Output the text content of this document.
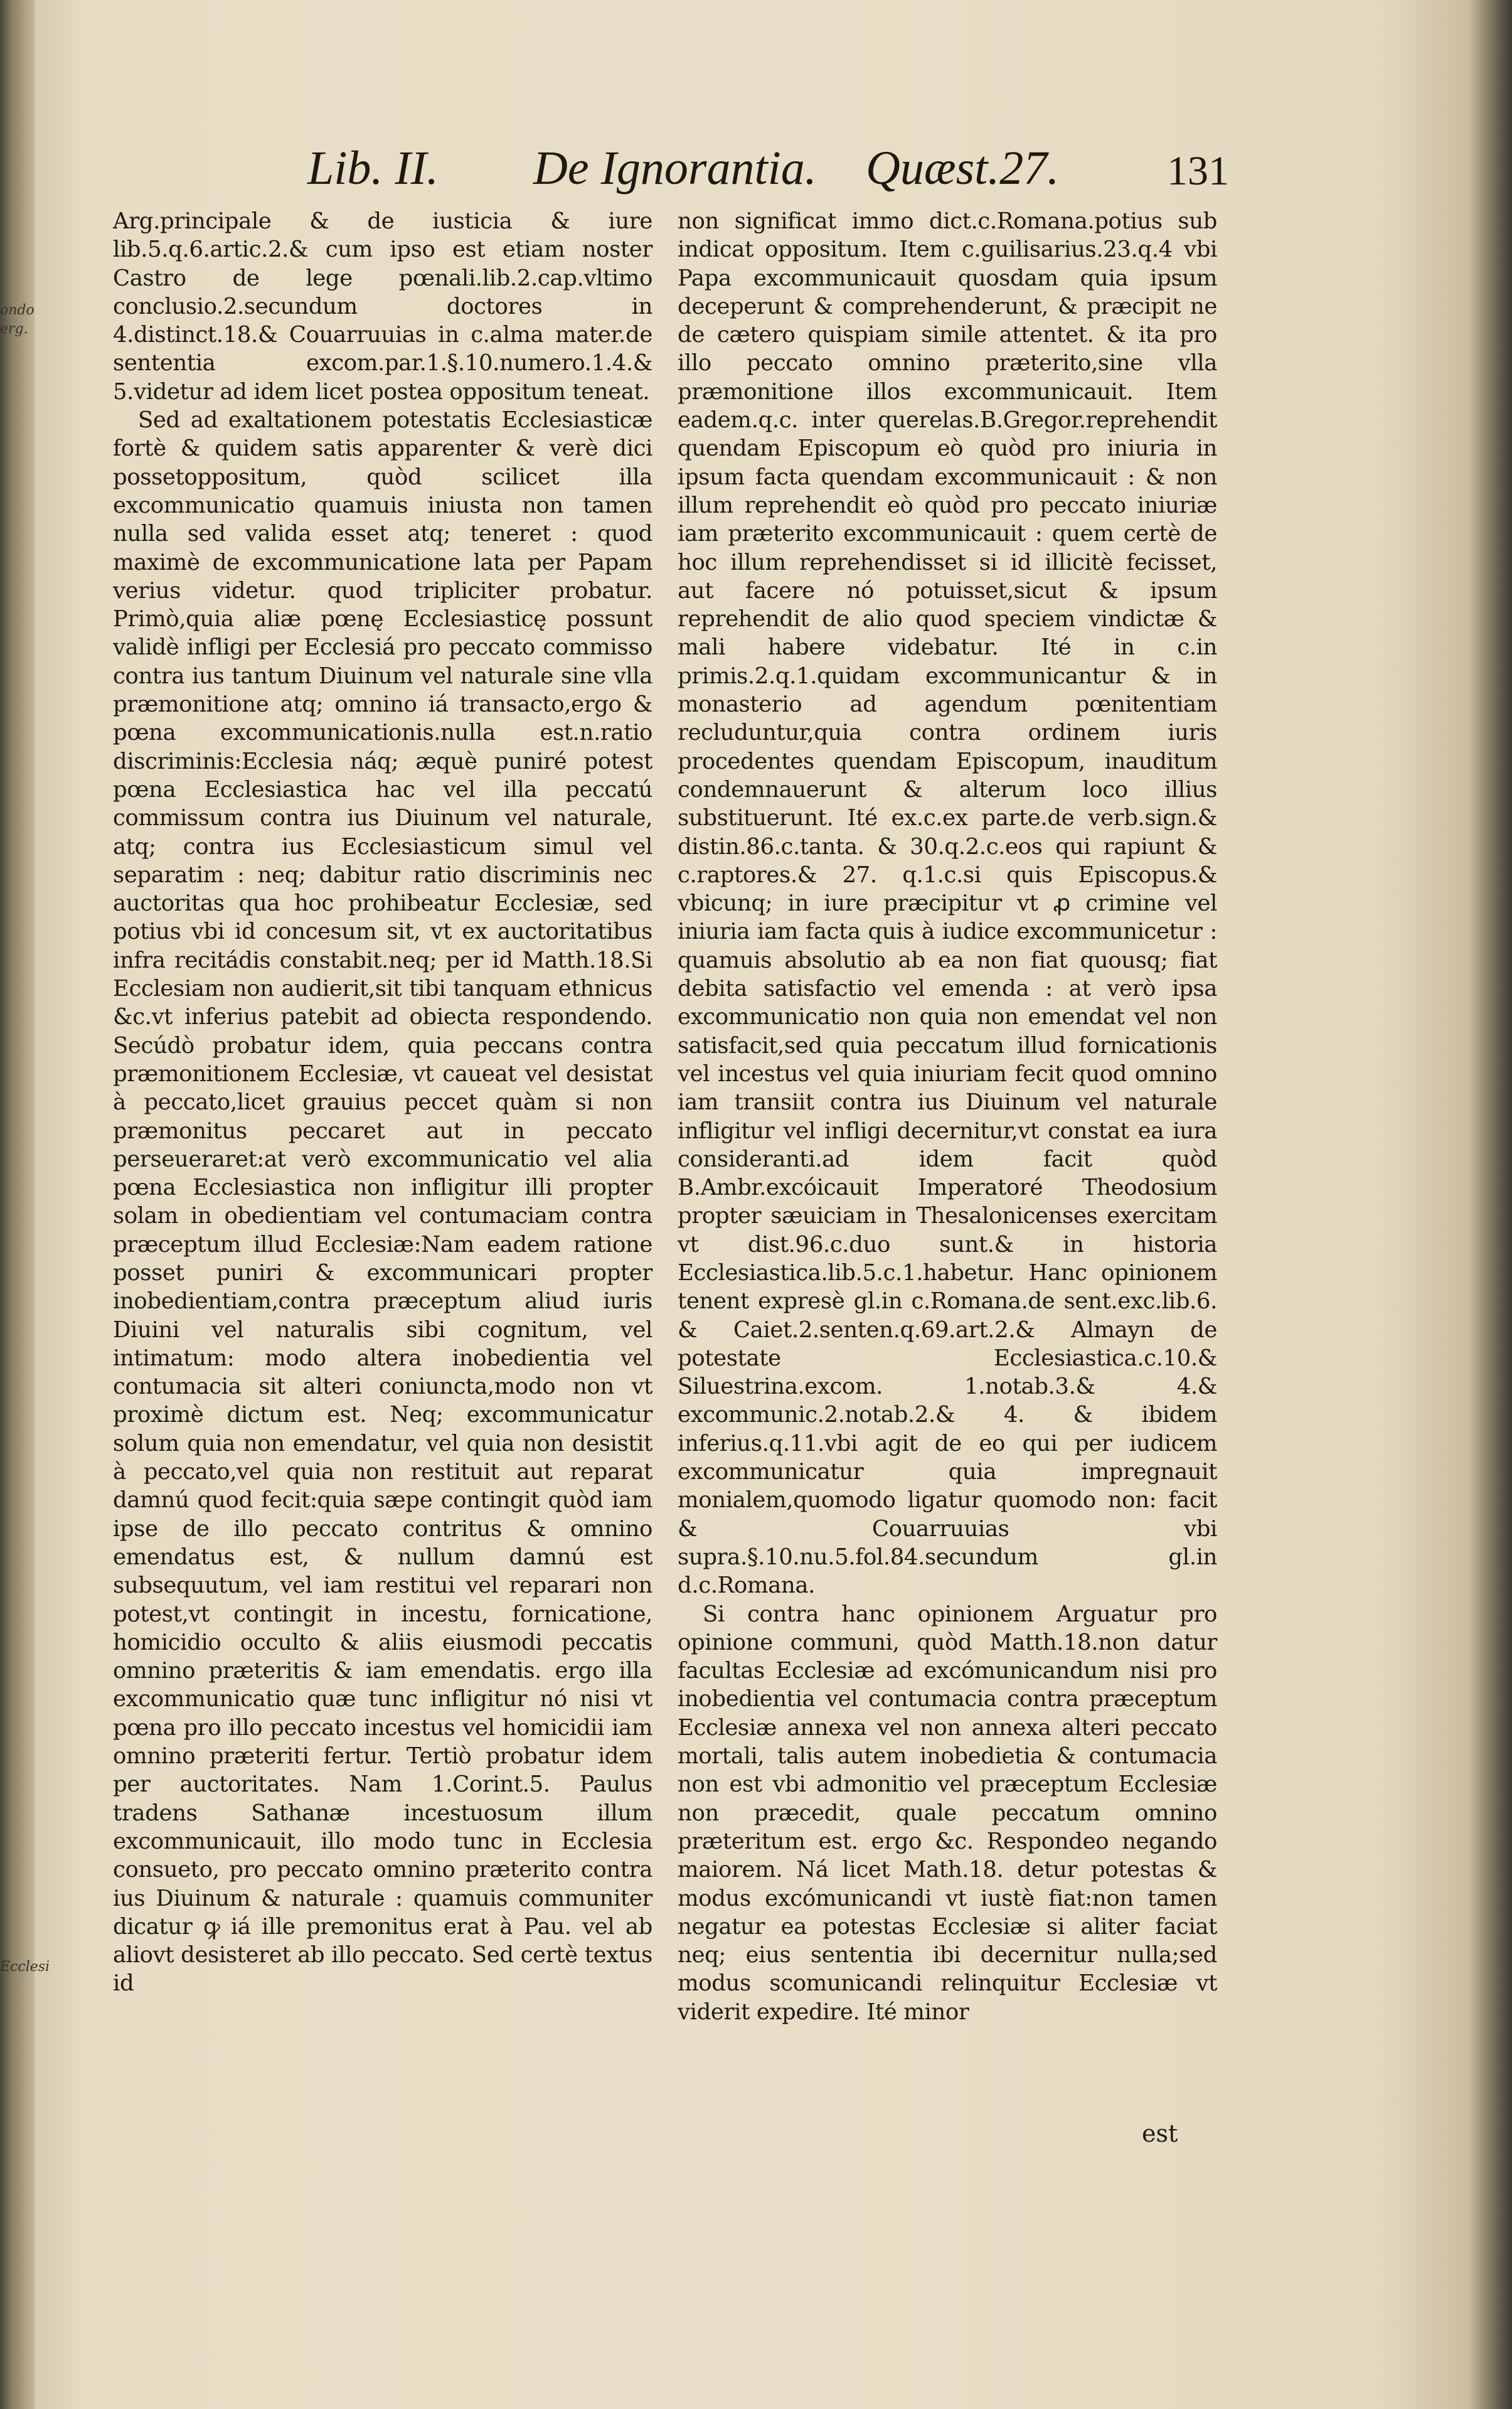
ondo
erg.
Ecclesi
Lib. II. De Ignorantia. Quæst.27.	131

Arg.principale & de iusticia & iure lib.5.q.6.artic.2.& cum ipso est etiam noster Castro de lege pœnali.lib.2.cap.vltimo conclusio.2.secundum doctores in 4.distinct.18.& Couarruuias in c.alma mater.de sententia excom.par.1.§.10.numero.1.4.& 5.videtur ad idem licet postea oppositum teneat.

Sed ad exaltationem potestatis Ecclesiasticæ fortè & quidem satis apparenter & verè dici possetoppositum, quòd scilicet illa excommunicatio quamuis iniusta non tamen nulla sed valida esset atq; teneret : quod maximè de excommunicatione lata per Papam verius videtur. quod tripliciter probatur. Primò,quia aliæ pœnę Ecclesiasticę possunt validè infligi per Ecclesiá pro peccato commisso contra ius tantum Diuinum vel naturale sine vlla præmonitione atq; omnino iá transacto,ergo & pœna excommunicationis.nulla est.n.ratio discriminis:Ecclesia náq; æquè puniré potest pœna Ecclesiastica hac vel illa peccatú commissum contra ius Diuinum vel naturale, atq; contra ius Ecclesiasticum simul vel separatim : neq; dabitur ratio discriminis nec auctoritas qua hoc prohibeatur Ecclesiæ, sed potius vbi id concesum sit, vt ex auctoritatibus infra recitádis constabit.neq; per id Matth.18.Si Ecclesiam non audierit,sit tibi tanquam ethnicus &c.vt inferius patebit ad obiecta respondendo. Secúdò probatur idem, quia peccans contra præmonitionem Ecclesiæ, vt caueat vel desistat à peccato,licet grauius peccet quàm si non præmonitus peccaret aut in peccato perseueraret:at verò excommunicatio vel alia pœna Ecclesiastica non infligitur illi propter solam in obedientiam vel contumaciam contra præceptum illud Ecclesiæ:Nam eadem ratione posset puniri & excommunicari propter inobedientiam,contra præceptum aliud iuris Diuini vel naturalis sibi cognitum, vel intimatum: modo altera inobedientia vel contumacia sit alteri coniuncta,modo non vt proximè dictum est. Neq; excommunicatur solum quia non emendatur, vel quia non desistit à peccato,vel quia non restituit aut reparat damnú quod fecit:quia sæpe contingit quòd iam ipse de illo peccato contritus & omnino emendatus est, & nullum damnú est subsequutum, vel iam restitui vel reparari non potest,vt contingit in incestu, fornicatione, homicidio occulto & aliis eiusmodi peccatis omnino præteritis & iam emendatis. ergo illa excommunicatio quæ tunc infligitur nó nisi vt pœna pro illo peccato incestus vel homicidii iam omnino præteriti fertur. Tertiò probatur idem per auctoritates. Nam 1.Corint.5. Paulus tradens Sathanæ incestuosum illum excommunicauit, illo modo tunc in Ecclesia consueto, pro peccato omnino præterito contra ius Diuinum & naturale : quamuis communiter dicatur ꝙ iá ille premonitus erat à Pau. vel ab aliovt desisteret ab illo peccato. Sed certè textus id

non significat immo dict.c.Romana.potius sub indicat oppositum. Item c.guilisarius.23.q.4 vbi Papa excommunicauit quosdam quia ipsum deceperunt & comprehenderunt, & præcipit ne de cætero quispiam simile attentet. & ita pro illo peccato omnino præterito,sine vlla præmonitione illos excommunicauit. Item eadem.q.c. inter querelas.B.Gregor.reprehendit quendam Episcopum eò quòd pro iniuria in ipsum facta quendam excommunicauit : & non illum reprehendit eò quòd pro peccato iniuriæ iam præterito excommunicauit : quem certè de hoc illum reprehendisset si id illicitè fecisset, aut facere nó potuisset,sicut & ipsum reprehendit de alio quod speciem vindictæ & mali habere videbatur. Ité in c.in primis.2.q.1.quidam excommunicantur & in monasterio ad agendum pœnitentiam recluduntur,quia contra ordinem iuris procedentes quendam Episcopum, inauditum condemnauerunt & alterum loco illius substituerunt. Ité ex.c.ex parte.de verb.sign.& distin.86.c.tanta. & 30.q.2.c.eos qui rapiunt & c.raptores.& 27. q.1.c.si quis Episcopus.& vbicunq; in iure præcipitur vt ꝓ crimine vel iniuria iam facta quis à iudice excommunicetur : quamuis absolutio ab ea non fiat quousq; fiat debita satisfactio vel emenda : at verò ipsa excommunicatio non quia non emendat vel non satisfacit,sed quia peccatum illud fornicationis vel incestus vel quia iniuriam fecit quod omnino iam transiit contra ius Diuinum vel naturale infligitur vel infligi decernitur,vt constat ea iura consideranti.ad idem facit quòd B.Ambr.excóicauit Imperatoré Theodosium propter sæuiciam in Thesalonicenses exercitam vt dist.96.c.duo sunt.& in historia Ecclesiastica.lib.5.c.1.habetur. Hanc opinionem tenent expresè gl.in c.Romana.de sent.exc.lib.6. & Caiet.2.senten.q.69.art.2.& Almayn de potestate Ecclesiastica.c.10.& Siluestrina.excom. 1.notab.3.& 4.& excommunic.2.notab.2.& 4. & ibidem inferius.q.11.vbi agit de eo qui per iudicem excommunicatur quia impregnauit monialem,quomodo ligatur quomodo non: facit & Couarruuias vbi supra.§.10.nu.5.fol.84.secundum gl.in d.c.Romana.

Si contra hanc opinionem Arguatur pro opinione communi, quòd Matth.18.non datur facultas Ecclesiæ ad excómunicandum nisi pro inobedientia vel contumacia contra præceptum Ecclesiæ annexa vel non annexa alteri peccato mortali, talis autem inobedietia & contumacia non est vbi admonitio vel præceptum Ecclesiæ non præcedit, quale peccatum omnino præteritum est. ergo &c. Respondeo negando maiorem. Ná licet Math.18. detur potestas & modus excómunicandi vt iustè fiat:non tamen negatur ea potestas Ecclesiæ si aliter faciat neq; eius sententia ibi decernitur nulla;sed modus scomunicandi relinquitur Ecclesiæ vt viderit expedire. Ité minor

est
